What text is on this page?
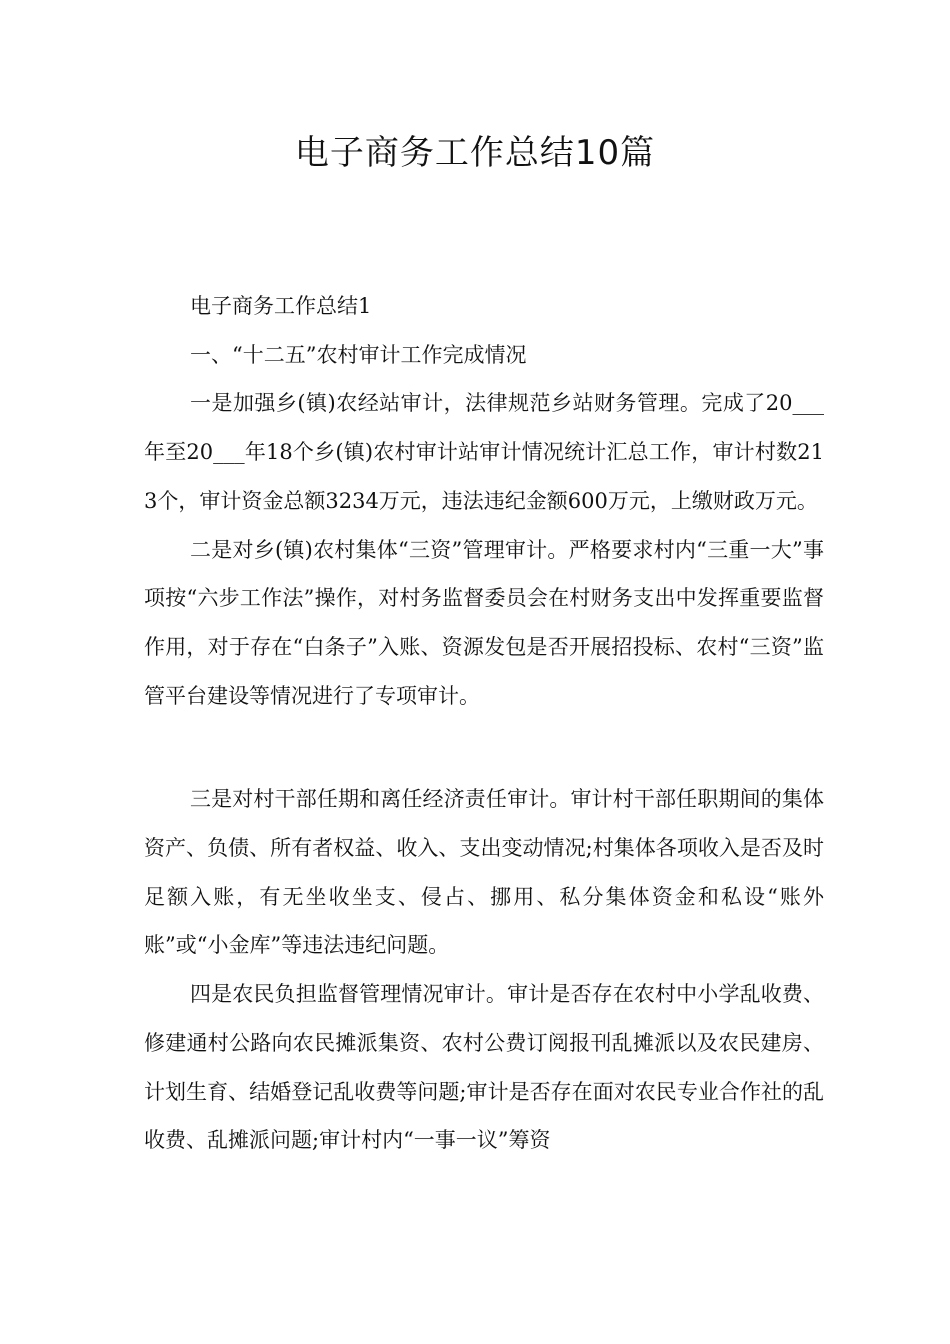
电子商务工作总结10篇

电子商务工作总结1

一、“十二五”农村审计工作完成情况

一是加强乡(镇)农经站审计，法律规范乡站财务管理。完成了20___年至20___年18个乡(镇)农村审计站审计情况统计汇总工作，审计村数213个，审计资金总额3234万元，违法违纪金额600万元，上缴财政万元。

二是对乡(镇)农村集体“三资”管理审计。严格要求村内“三重一大”事项按“六步工作法”操作，对村务监督委员会在村财务支出中发挥重要监督作用，对于存在“白条子”入账、资源发包是否开展招投标、农村“三资”监管平台建设等情况进行了专项审计。

三是对村干部任期和离任经济责任审计。审计村干部任职期间的集体资产、负债、所有者权益、收入、支出变动情况;村集体各项收入是否及时足额入账，有无坐收坐支、侵占、挪用、私分集体资金和私设“账外账”或“小金库”等违法违纪问题。

四是农民负担监督管理情况审计。审计是否存在农村中小学乱收费、修建通村公路向农民摊派集资、农村公费订阅报刊乱摊派以及农民建房、计划生育、结婚登记乱收费等问题;审计是否存在面对农民专业合作社的乱收费、乱摊派问题;审计村内“一事一议”筹资
